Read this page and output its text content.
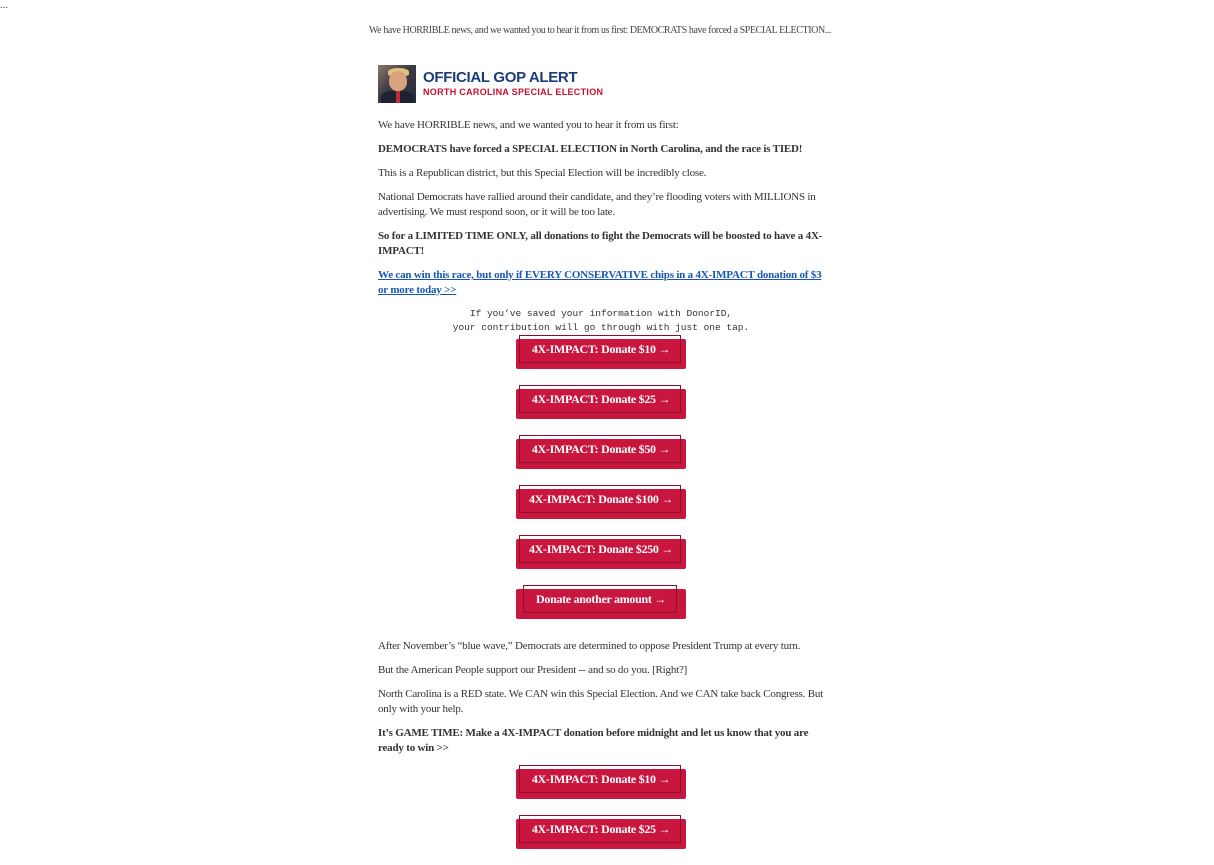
...
We have HORRIBLE news, and we wanted you to hear it from us first: DEMOCRATS have forced a SPECIAL ELECTION...
OFFICIAL GOP ALERT
NORTH CAROLINA SPECIAL ELECTION

We have HORRIBLE news, and we wanted you to hear it from us first:

DEMOCRATS have forced a SPECIAL ELECTION in North Carolina, and the race is TIED!

This is a Republican district, but this Special Election will be incredibly close.

National Democrats have rallied around their candidate, and they’re flooding voters with MILLIONS in advertising. We must respond soon, or it will be too late.

So for a LIMITED TIME ONLY, all donations to fight the Democrats will be boosted to have a 4X-IMPACT!

We can win this race, but only if EVERY CONSERVATIVE chips in a 4X-IMPACT donation of $3 or more today >>

If you’ve saved your information with DonorID,
your contribution will go through with just one tap.
4X-IMPACT: Donate $10 →
4X-IMPACT: Donate $25 →
4X-IMPACT: Donate $50 →
4X-IMPACT: Donate $100 →
4X-IMPACT: Donate $250 →
Donate another amount →

After November’s “blue wave,” Democrats are determined to oppose President Trump at every turn.

But the American People support our President -- and so do you. [Right?]

North Carolina is a RED state. We CAN win this Special Election. And we CAN take back Congress. But only with your help.

It’s GAME TIME: Make a 4X-IMPACT donation before midnight and let us know that you are ready to win >>

4X-IMPACT: Donate $10 →
4X-IMPACT: Donate $25 →
